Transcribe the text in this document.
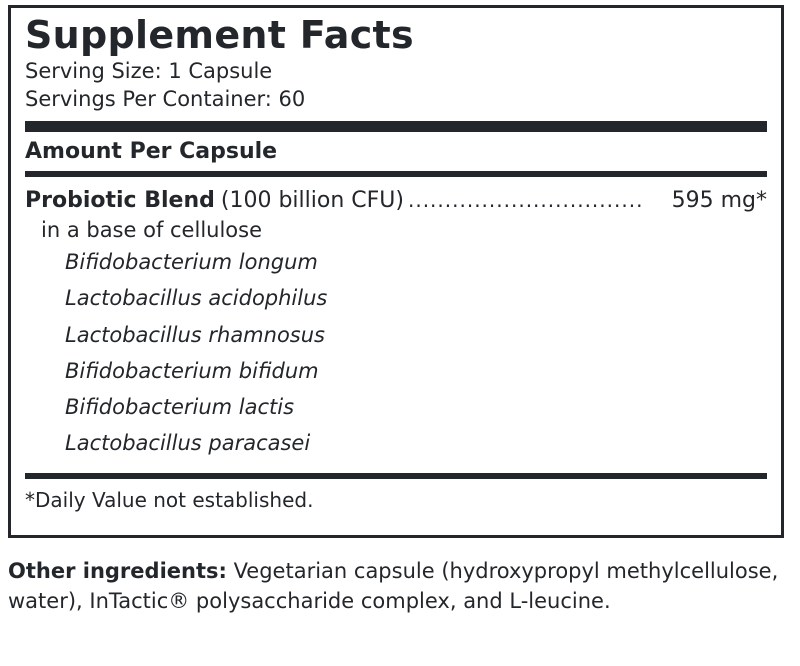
Supplement Facts
Serving Size: 1 Capsule
Servings Per Container: 60
Amount Per Capsule
Probiotic Blend (100 billion CFU) ................................	595 mg*
in a base of cellulose
Bifidobacterium longum
Lactobacillus acidophilus
Lactobacillus rhamnosus
Bifidobacterium bifidum
Bifidobacterium lactis
Lactobacillus paracasei
*Daily Value not established.
Other ingredients: Vegetarian capsule (hydroxypropyl methylcellulose, water), InTactic® polysaccharide complex, and L-leucine.
